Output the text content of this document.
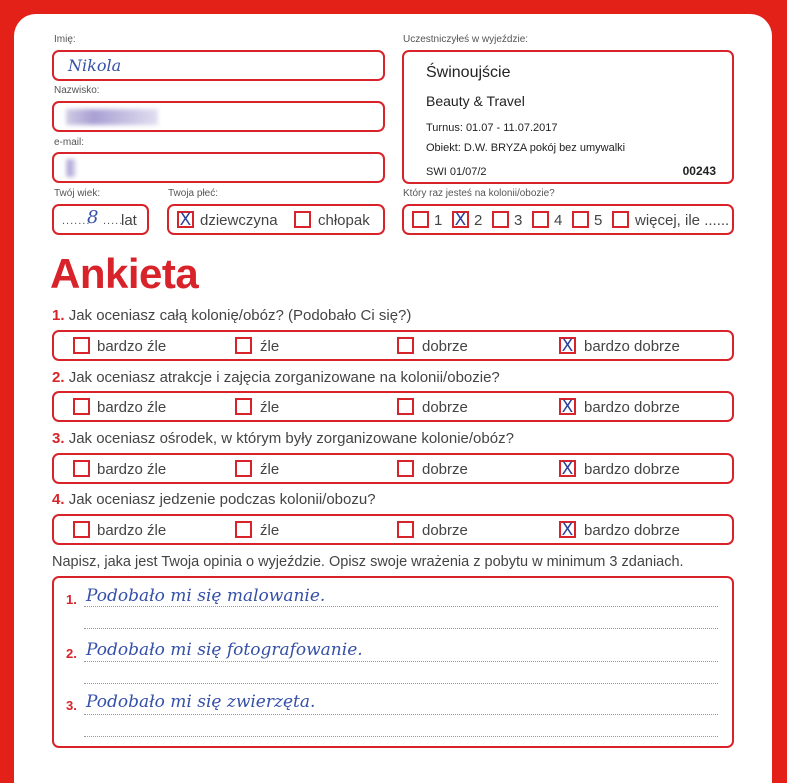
Imię:
Nikola
Nazwisko:
e-mail:
Twój wiek:
.......
8 .....
lat
Twoja płeć:
X dziewczyna	chłopak
Uczestniczyłeś w wyjeździe:
Świnoujście
Beauty & Travel
Turnus: 01.07 - 11.07.2017
Obiekt: D.W. BRYZA pokój bez umywalki
SWI 01/07/2	00243
Który raz jesteś na kolonii/obozie?
1 X 2 3 4 5 więcej, ile ......
Ankieta
1. Jak oceniasz całą kolonię/obóz? (Podobało Ci się?)
bardzo źle	źle	dobrze	X bardzo dobrze
2. Jak oceniasz atrakcje i zajęcia zorganizowane na kolonii/obozie?
bardzo źle	źle	dobrze	X bardzo dobrze
3. Jak oceniasz ośrodek, w którym były zorganizowane kolonie/obóz?
bardzo źle	źle	dobrze	X bardzo dobrze
4. Jak oceniasz jedzenie podczas kolonii/obozu?
bardzo źle	źle	dobrze	X bardzo dobrze
Napisz, jaka jest Twoja opinia o wyjeździe. Opisz swoje wrażenia z pobytu w minimum 3 zdaniach.
1. Podobało mi się malowanie.
2. Podobało mi się fotografowanie.
3. Podobało mi się zwierzęta.
